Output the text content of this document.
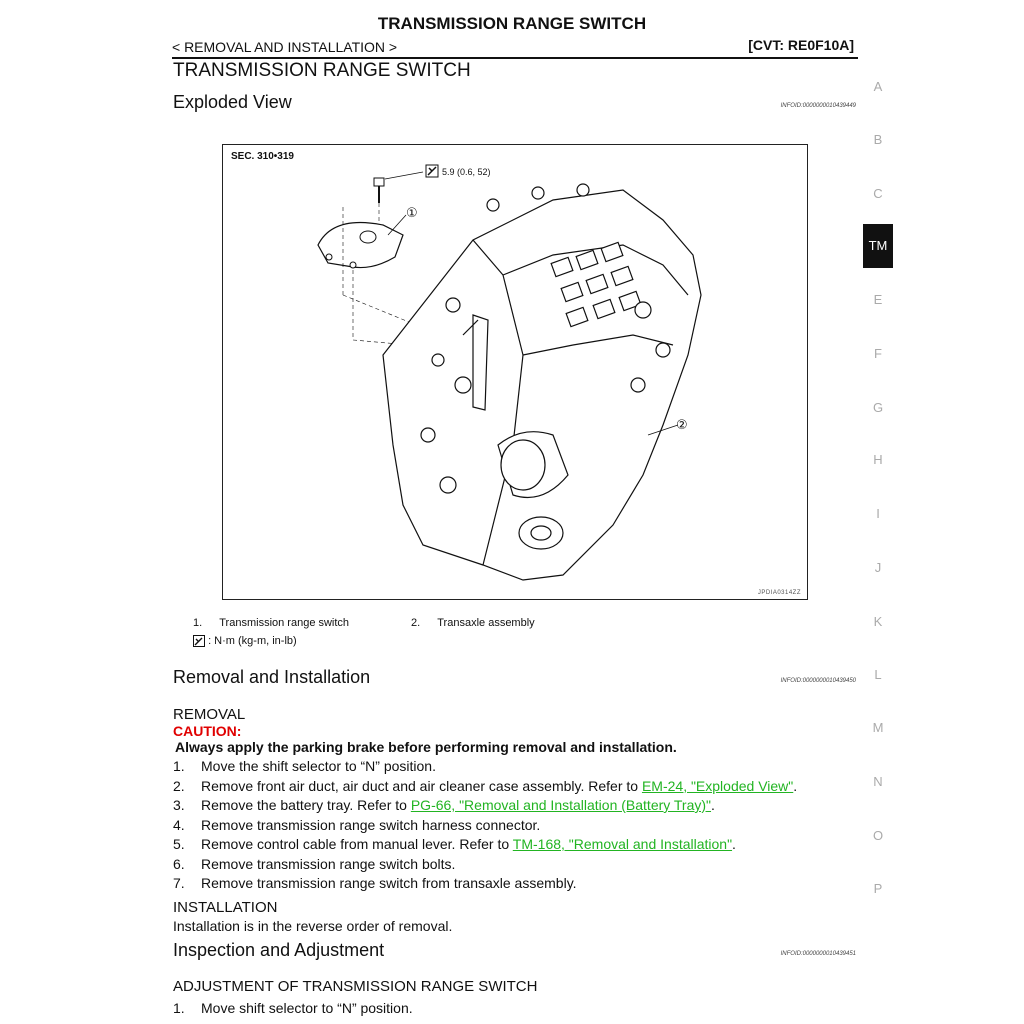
TRANSMISSION RANGE SWITCH
< REMOVAL AND INSTALLATION >	[CVT: RE0F10A]
TRANSMISSION RANGE SWITCH
Exploded View	INFOID:0000000010439449
SEC. 310•319
5.9 (0.6, 52)
①
②
JPDIA0314ZZ
1. Transmission range switch	2. Transaxle assembly
: N·m (kg-m, in-lb)
Removal and Installation	INFOID:0000000010439450
REMOVAL
CAUTION:
Always apply the parking brake before performing removal and installation.
1. Move the shift selector to “N” position.
2. Remove front air duct, air duct and air cleaner case assembly. Refer to EM-24, "Exploded View".
3. Remove the battery tray. Refer to PG-66, "Removal and Installation (Battery Tray)".
4. Remove transmission range switch harness connector.
5. Remove control cable from manual lever. Refer to TM-168, "Removal and Installation".
6. Remove transmission range switch bolts.
7. Remove transmission range switch from transaxle assembly.
INSTALLATION
Installation is in the reverse order of removal.
Inspection and Adjustment	INFOID:0000000010439451
ADJUSTMENT OF TRANSMISSION RANGE SWITCH
1. Move shift selector to “N” position.
A
B
C
TM
E
F
G
H
I
J
K
L
M
N
O
P
